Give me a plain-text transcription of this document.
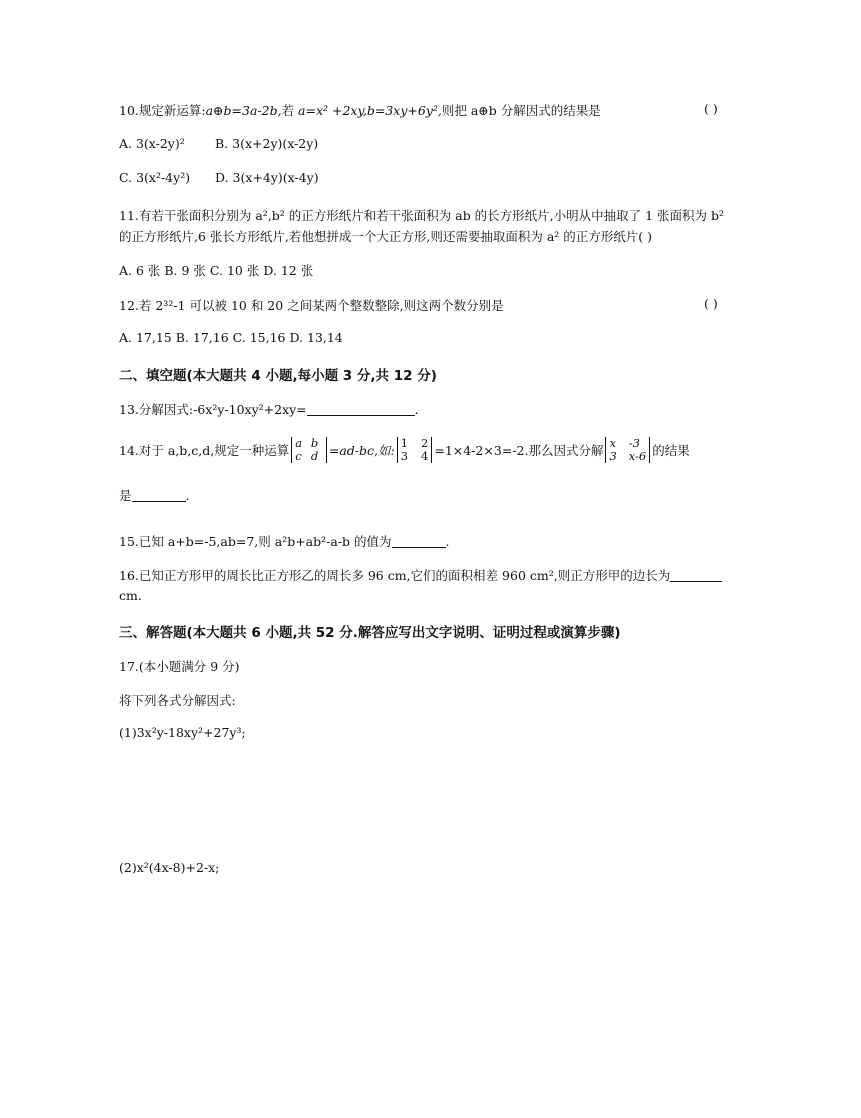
10.规定新运算:a⊕b=3a-2b,若 a=x² +2xy,b=3xy+6y²,则把 a⊕b 分解因式的结果是	( )
A. 3(x-2y)² B. 3(x+2y)(x-2y)
C. 3(x²-4y²) D. 3(x+4y)(x-4y)
11.有若干张面积分别为 a²,b² 的正方形纸片和若干张面积为 ab 的长方形纸片,小明从中抽取了 1 张面积为 b²
的正方形纸片,6 张长方形纸片,若他想拼成一个大正方形,则还需要抽取面积为 a² 的正方形纸片( )
A. 6 张 B. 9 张 C. 10 张 D. 12 张
12.若 2³²-1 可以被 10 和 20 之间某两个整数整除,则这两个数分别是	( )
A. 17,15 B. 17,16 C. 15,16 D. 13,14
二、填空题(本大题共 4 小题,每小题 3 分,共 12 分)
13.分解因式:-6x²y-10xy²+2xy=	.
14.对于 a,b,c,d,规定一种运算 a b
c d =ad-bc,如: 1 2
3 4 =1×4-2×3=-2.那么因式分解 x -3
3 x-6 的结果
是	.
15.已知 a+b=-5,ab=7,则 a²b+ab²-a-b 的值为	.
16.已知正方形甲的周长比正方形乙的周长多 96 cm,它们的面积相差 960 cm²,则正方形甲的边长为
cm.
三、解答题(本大题共 6 小题,共 52 分.解答应写出文字说明、证明过程或演算步骤)
17.(本小题满分 9 分)
将下列各式分解因式:
(1)3x²y-18xy²+27y³;
(2)x²(4x-8)+2-x;
